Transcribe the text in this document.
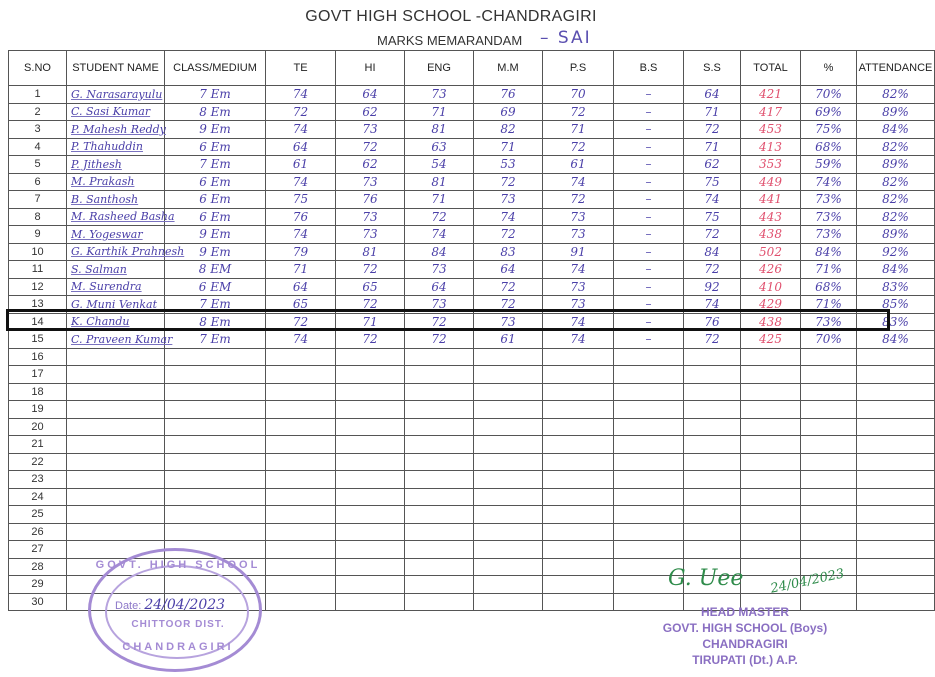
GOVT HIGH SCHOOL -CHANDRAGIRI
MARKS MEMARANDAM – SAI
S.NO	STUDENT NAME	CLASS/MEDIUM	TE	HI	ENG	M.M	P.S	B.S	S.S	TOTAL	%	ATTENDANCE
1	G. Narasarayulu	7 Em	74	64	73	76	70	–	64	421	70%	82%
2	C. Sasi Kumar	8 Em	72	62	71	69	72	–	71	417	69%	89%
3	P. Mahesh Reddy	9 Em	74	73	81	82	71	–	72	453	75%	84%
4	P. Thahuddin	6 Em	64	72	63	71	72	–	71	413	68%	82%
5	P. Jithesh	7 Em	61	62	54	53	61	–	62	353	59%	89%
6	M. Prakash	6 Em	74	73	81	72	74	–	75	449	74%	82%
7	B. Santhosh	6 Em	75	76	71	73	72	–	74	441	73%	82%
8	M. Rasheed Basha	6 Em	76	73	72	74	73	–	75	443	73%	82%
9	M. Yogeswar	9 Em	74	73	74	72	73	–	72	438	73%	89%
10	G. Karthik Prahnesh	9 Em	79	81	84	83	91	–	84	502	84%	92%
11	S. Salman	8 EM	71	72	73	64	74	–	72	426	71%	84%
12	M. Surendra	6 EM	64	65	64	72	73	–	92	410	68%	83%
13	G. Muni Venkat	7 Em	65	72	73	72	73	–	74	429	71%	85%
14	K. Chandu	8 Em	72	71	72	73	74	–	76	438	73%	83%
15	C. Praveen Kumar	7 Em	74	72	72	61	74	–	72	425	70%	84%
16												
17												
18												
19												
20												
21												
22												
23												
24												
25												
26												
27												
28												
29												
30												
GOVT. HIGH SCHOOL
Date: 24/04/2023
CHITTOOR DIST.
CHANDRAGIRI
G. Uee 24/04/2023
HEAD MASTER
GOVT. HIGH SCHOOL (Boys)
CHANDRAGIRI
TIRUPATI (Dt.) A.P.
